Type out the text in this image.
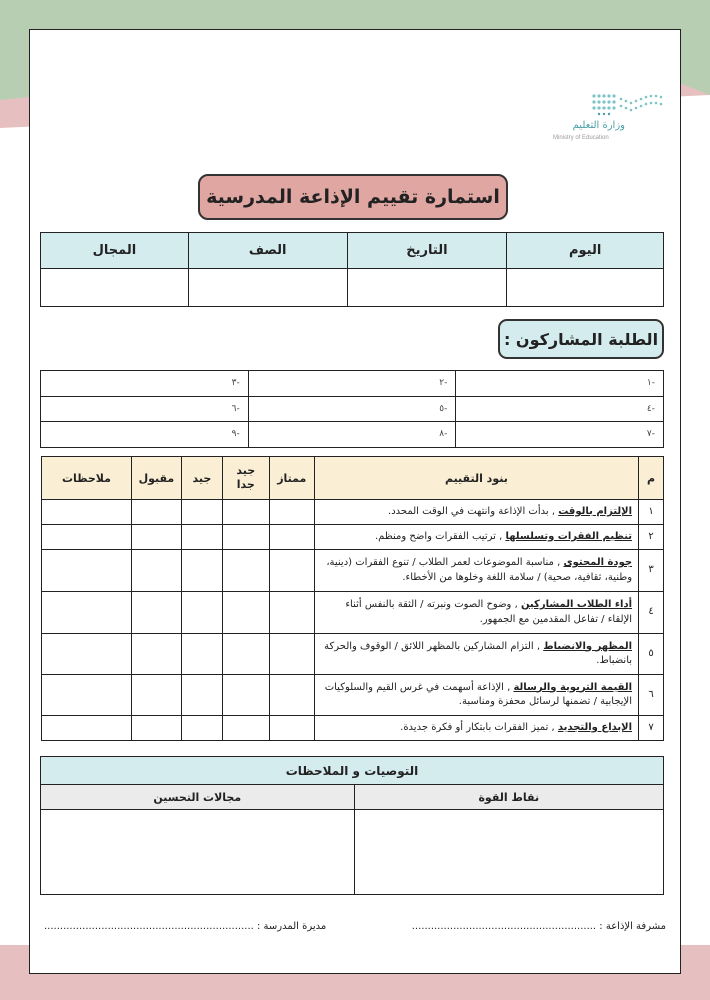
وزارة التعليم
Ministry of Education
استمارة تقييم الإذاعة المدرسية
اليوم	التاريخ	الصف	المجال

الطلبة المشاركون :
-١	-٢	-٣
-٤	-٥	-٦
-٧	-٨	-٩
م	بنود التقييم	ممتاز	جيد جدا	جيد	مقبول	ملاحظات
١	الإلتزام بالوقت , بدأت الإذاعة وانتهت في الوقت المحدد.					
٢	تنظيم الفقرات وتسلسلها , ترتيب الفقرات واضح ومنظم.					
٣	جودة المحتوى , مناسبة الموضوعات لعمر الطلاب / تنوع الفقرات (دينية، وطنية، ثقافية، صحية) / سلامة اللغة وخلوها من الأخطاء.					
٤	أداء الطلاب المشاركين , وضوح الصوت ونبرته / الثقة بالنفس أثناء الإلقاء / تفاعل المقدمين مع الجمهور.					
٥	المظهر والانضباط , التزام المشاركين بالمظهر اللائق / الوقوف والحركة بانضباط.					
٦	القيمة التربوية والرسالة , الإذاعة أسهمت في غرس القيم والسلوكيات الإيجابية / تضمنها لرسائل محفزة ومناسبة.					
٧	الإبداع والتجديد , تميز الفقرات بابتكار أو فكرة جديدة.					
التوصيات و الملاحظات	
نقاط القوة	مجالات التحسين

مشرفة الإذاعة : ..........................................................
مديرة المدرسة : ..................................................................
